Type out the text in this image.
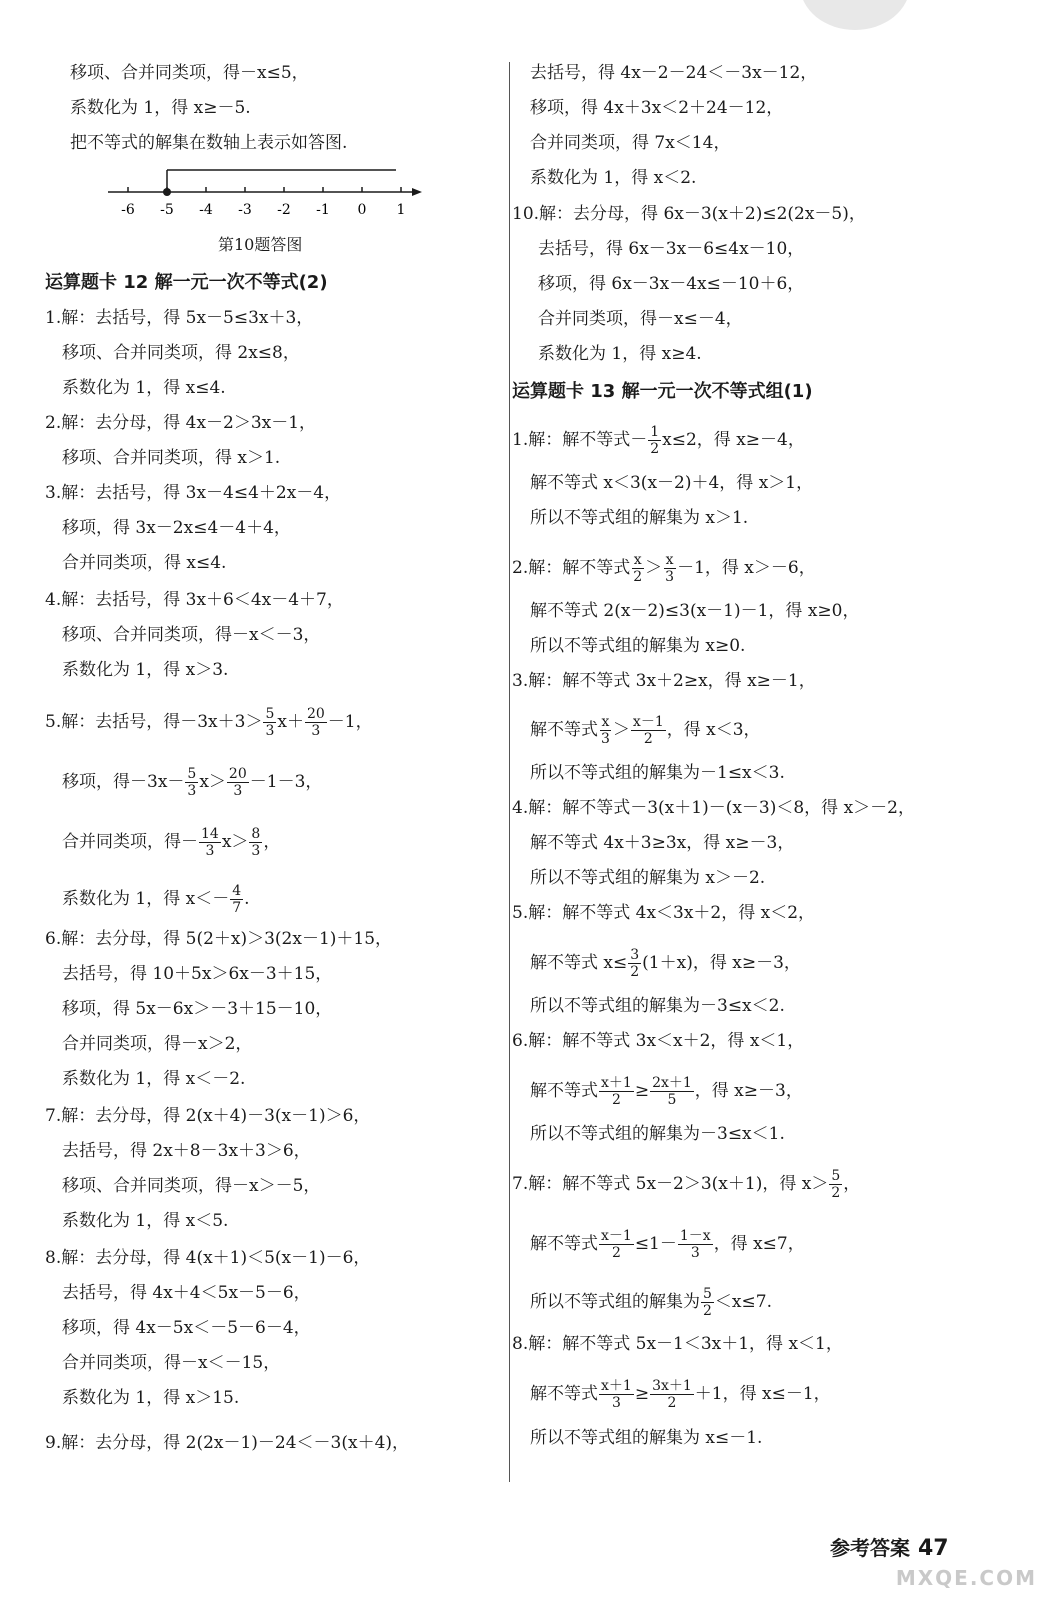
移项、合并同类项，得－x≤5，
系数化为 1，得 x≥－5.
把不等式的解集在数轴上表示如答图.
-6 -5 -4 -3 -2 -1 0 1
第10题答图
运算题卡 12 解一元一次不等式(2)
1.解：去括号，得 5x－5≤3x＋3，
移项、合并同类项，得 2x≤8，
系数化为 1，得 x≤4.
2.解：去分母，得 4x－2＞3x－1，
移项、合并同类项，得 x＞1.
3.解：去括号，得 3x－4≤4＋2x－4，
移项，得 3x－2x≤4－4＋4，
合并同类项，得 x≤4.
4.解：去括号，得 3x＋6＜4x－4＋7，
移项、合并同类项，得－x＜－3，
系数化为 1，得 x＞3.
5.解：去括号，得$-3x+3> \frac{5}{3} x+ \frac{20}{3} -1$，
移项，得$-3x- \frac{5}{3} x> \frac{20}{3} -1-3$，
合并同类项，得－ $\frac{14}{3} x> \frac{8}{3}$ ，
系数化为 1，得 $x<- \frac{4}{7}$ .
6.解：去分母，得 5(2＋x)＞3(2x－1)＋15，
去括号，得 10＋5x＞6x－3＋15，
移项，得 5x－6x＞－3＋15－10，
合并同类项，得－x＞2，
系数化为 1，得 x＜－2.
7.解：去分母，得 2(x＋4)－3(x－1)＞6，
去括号，得 2x＋8－3x＋3＞6，
移项、合并同类项，得－x＞－5，
系数化为 1，得 x＜5.
8.解：去分母，得 4(x＋1)＜5(x－1)－6，
去括号，得 4x＋4＜5x－5－6，
移项，得 4x－5x＜－5－6－4，
合并同类项，得－x＜－15，
系数化为 1，得 x＞15.
9.解：去分母，得 2(2x－1)－24＜－3(x＋4)，
去括号，得 4x－2－24＜－3x－12，
移项，得 4x＋3x＜2＋24－12，
合并同类项，得 7x＜14，
系数化为 1，得 x＜2.
10.解：去分母，得 6x－3(x＋2)≤2(2x－5)，
去括号，得 6x－3x－6≤4x－10，
移项，得 6x－3x－4x≤－10＋6，
合并同类项，得－x≤－4，
系数化为 1，得 x≥4.
运算题卡 13 解一元一次不等式组(1)
1.解：解不等式－ $\frac{1}{2} x\le 2$，得 x≥－4，
解不等式 x＜3(x－2)＋4，得 x＞1，
所以不等式组的解集为 x＞1.
2.解：解不等式 $\frac{x}{2} > \frac{x}{3} -1$，得 x＞－6，
解不等式 2(x－2)≤3(x－1)－1，得 x≥0，
所以不等式组的解集为 x≥0.
3.解：解不等式 3x＋2≥x，得 x≥－1，
解不等式 $\frac{x}{3} > \frac{x-1}{2}$ ，得 x＜3，
所以不等式组的解集为－1≤x＜3.
4.解：解不等式－3(x＋1)－(x－3)＜8，得 x＞－2，
解不等式 4x＋3≥3x，得 x≥－3，
所以不等式组的解集为 x＞－2.
5.解：解不等式 4x＜3x＋2，得 x＜2，
解不等式 $x\le \frac{3}{2} (1+x)$，得 x≥－3，
所以不等式组的解集为－3≤x＜2.
6.解：解不等式 3x＜x＋2，得 x＜1，
解不等式 $\frac{x+1}{2} \ge \frac{2x+1}{5}$ ，得 x≥－3，
所以不等式组的解集为－3≤x＜1.
7.解：解不等式 5x－2＞3(x＋1)，得 $x> \frac{5}{2}$ ，
解不等式 $\frac{x-1}{2} \le 1- \frac{1-x}{3}$ ，得 x≤7，
所以不等式组的解集为 $\frac{5}{2} <x\le 7$.
8.解：解不等式 5x－1＜3x＋1，得 x＜1，
解不等式 $\frac{x+1}{3} \ge \frac{3x+1}{2} +1$，得 x≤－1，
所以不等式组的解集为 x≤－1.
参考答案 47
MXQE.COM
